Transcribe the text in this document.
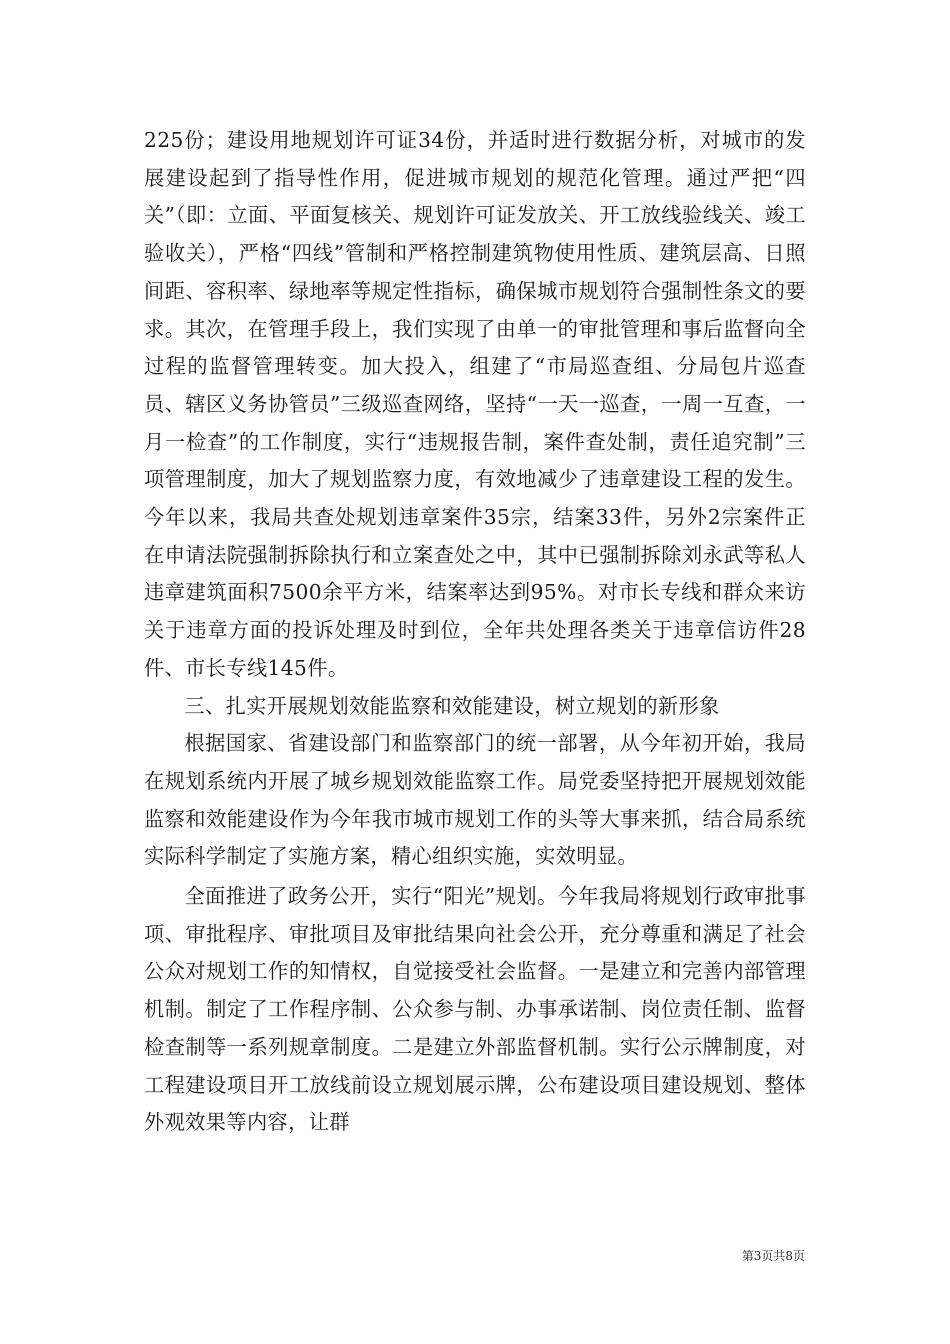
225份；建设用地规划许可证34份，并适时进行数据分析，对城市的发展建设起到了指导性作用，促进城市规划的规范化管理。通过严把“四关”（即：立面、平面复核关、规划许可证发放关、开工放线验线关、竣工验收关），严格“四线”管制和严格控制建筑物使用性质、建筑层高、日照间距、容积率、绿地率等规定性指标，确保城市规划符合强制性条文的要求。其次，在管理手段上，我们实现了由单一的审批管理和事后监督向全过程的监督管理转变。加大投入，组建了“市局巡查组、分局包片巡查员、辖区义务协管员”三级巡查网络，坚持“一天一巡查，一周一互查，一月一检查”的工作制度，实行“违规报告制，案件查处制，责任追究制”三项管理制度，加大了规划监察力度，有效地减少了违章建设工程的发生。今年以来，我局共查处规划违章案件35宗，结案33件，另外2宗案件正在申请法院强制拆除执行和立案查处之中，其中已强制拆除刘永武等私人违章建筑面积7500余平方米，结案率达到95%。对市长专线和群众来访关于违章方面的投诉处理及时到位，全年共处理各类关于违章信访件28件、市长专线145件。

三、扎实开展规划效能监察和效能建设，树立规划的新形象

根据国家、省建设部门和监察部门的统一部署，从今年初开始，我局在规划系统内开展了城乡规划效能监察工作。局党委坚持把开展规划效能监察和效能建设作为今年我市城市规划工作的头等大事来抓，结合局系统实际科学制定了实施方案，精心组织实施，实效明显。

全面推进了政务公开，实行“阳光”规划。今年我局将规划行政审批事项、审批程序、审批项目及审批结果向社会公开，充分尊重和满足了社会公众对规划工作的知情权，自觉接受社会监督。一是建立和完善内部管理机制。制定了工作程序制、公众参与制、办事承诺制、岗位责任制、监督检查制等一系列规章制度。二是建立外部监督机制。实行公示牌制度，对工程建设项目开工放线前设立规划展示牌，公布建设项目建设规划、整体外观效果等内容，让群

第3页共8页
